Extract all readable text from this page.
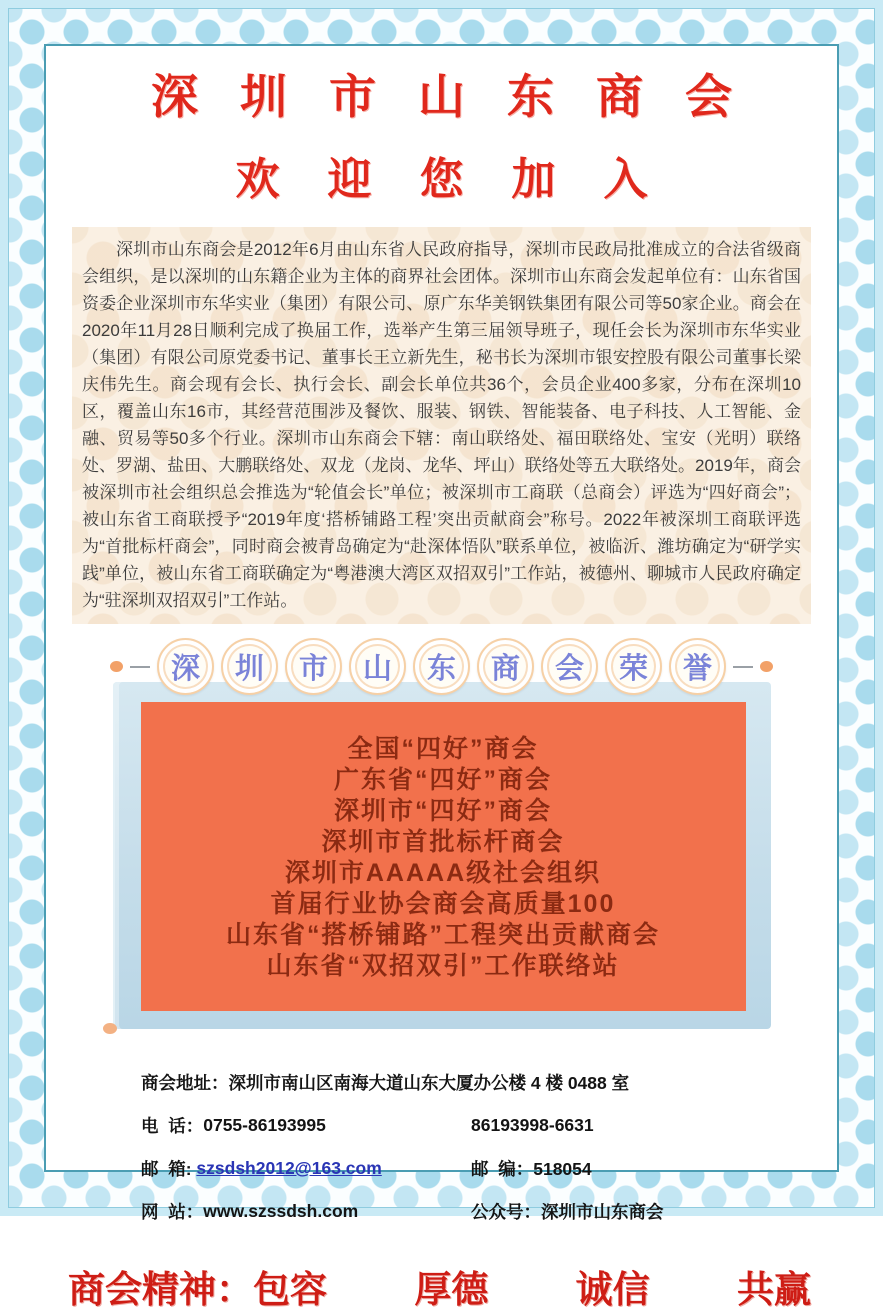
深圳市山东商会
欢迎您加入
深圳市山东商会是2012年6月由山东省人民政府指导，深圳市民政局批准成立的合法省级商会组织，是以深圳的山东籍企业为主体的商界社会团体。深圳市山东商会发起单位有：山东省国资委企业深圳市东华实业（集团）有限公司、原广东华美钢铁集团有限公司等50家企业。商会在2020年11月28日顺利完成了换届工作，选举产生第三届领导班子，现任会长为深圳市东华实业（集团）有限公司原党委书记、董事长王立新先生，秘书长为深圳市银安控股有限公司董事长梁庆伟先生。商会现有会长、执行会长、副会长单位共36个，会员企业400多家，分布在深圳10区，覆盖山东16市，其经营范围涉及餐饮、服装、钢铁、智能装备、电子科技、人工智能、金融、贸易等50多个行业。深圳市山东商会下辖：南山联络处、福田联络处、宝安（光明）联络处、罗湖、盐田、大鹏联络处、双龙（龙岗、龙华、坪山）联络处等五大联络处。2019年，商会被深圳市社会组织总会推选为“轮值会长”单位；被深圳市工商联（总商会）评选为“四好商会”；被山东省工商联授予“2019年度‘搭桥铺路工程’突出贡献商会”称号。2022年被深圳工商联评选为“首批标杆商会”，同时商会被青岛确定为“赴深体悟队”联系单位，被临沂、潍坊确定为“研学实践”单位，被山东省工商联确定为“粤港澳大湾区双招双引”工作站，被德州、聊城市人民政府确定为“驻深圳双招双引”工作站。
深	圳	市	山	东	商	会	荣	誉
全国“四好”商会
广东省“四好”商会
深圳市“四好”商会
深圳市首批标杆商会
深圳市AAAAA级社会组织
首届行业协会商会高质量100
山东省“搭桥铺路”工程突出贡献商会
山东省“双招双引”工作联络站
商会地址： 深圳市南山区南海大道山东大厦办公楼 4 楼 0488 室
电  话： 0755-86193995	86193998-6631
邮  箱: szsdsh2012@163.com	邮  编：518054
网  站： www.szssdsh.com	公众号：深圳市山东商会
商会精神：包容 厚德 诚信 共赢
